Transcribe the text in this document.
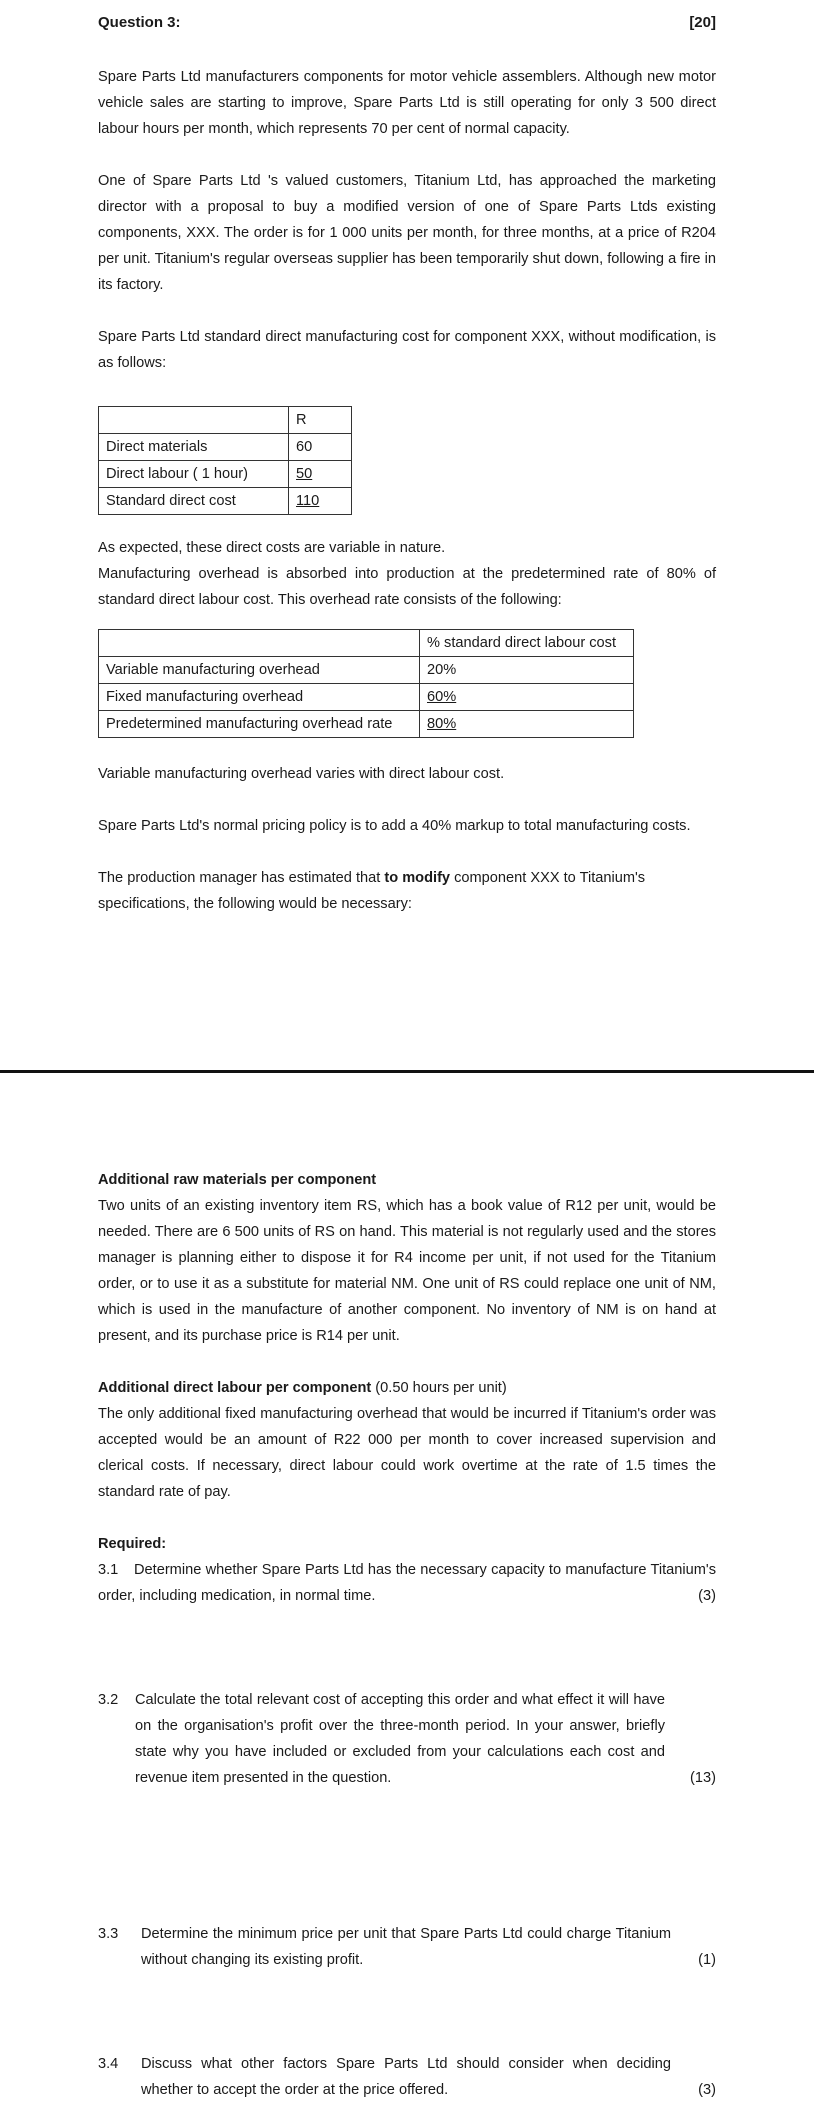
Question 3:	[20]

Spare Parts Ltd manufacturers components for motor vehicle assemblers. Although new motor vehicle sales are starting to improve, Spare Parts Ltd is still operating for only 3 500 direct labour hours per month, which represents 70 per cent of normal capacity.

One of Spare Parts Ltd 's valued customers, Titanium Ltd, has approached the marketing director with a proposal to buy a modified version of one of Spare Parts Ltds existing components, XXX. The order is for 1 000 units per month, for three months, at a price of R204 per unit. Titanium's regular overseas supplier has been temporarily shut down, following a fire in its factory.

Spare Parts Ltd standard direct manufacturing cost for component XXX, without modification, is as follows:

	R
Direct materials	60
Direct labour ( 1 hour)	50
Standard direct cost	110

As expected, these direct costs are variable in nature.

Manufacturing overhead is absorbed into production at the predetermined rate of 80% of standard direct labour cost. This overhead rate consists of the following:

	% standard direct labour cost
Variable manufacturing overhead	20%
Fixed manufacturing overhead	60%
Predetermined manufacturing overhead rate	80%

Variable manufacturing overhead varies with direct labour cost.

Spare Parts Ltd's normal pricing policy is to add a 40% markup to total manufacturing costs.

The production manager has estimated that to modify component XXX to Titanium's specifications, the following would be necessary:

Additional raw materials per component

Two units of an existing inventory item RS, which has a book value of R12 per unit, would be needed. There are 6 500 units of RS on hand. This material is not regularly used and the stores manager is planning either to dispose it for R4 income per unit, if not used for the Titanium order, or to use it as a substitute for material NM. One unit of RS could replace one unit of NM, which is used in the manufacture of another component. No inventory of NM is on hand at present, and its purchase price is R14 per unit.

Additional direct labour per component (0.50 hours per unit)

The only additional fixed manufacturing overhead that would be incurred if Titanium's order was accepted would be an amount of R22 000 per month to cover increased supervision and clerical costs. If necessary, direct labour could work overtime at the rate of 1.5 times the standard rate of pay.

Required:
3.1 Determine whether Spare Parts Ltd has the necessary capacity to manufacture Titanium's order, including medication, in normal time.	(3)
3.2 Calculate the total relevant cost of accepting this order and what effect it will have on the organisation's profit over the three-month period. In your answer, briefly state why you have included or excluded from your calculations each cost and revenue item presented in the question.	(13)
3.3 Determine the minimum price per unit that Spare Parts Ltd could charge Titanium without changing its existing profit.	(1)
3.4 Discuss what other factors Spare Parts Ltd should consider when deciding whether to accept the order at the price offered.	(3)
